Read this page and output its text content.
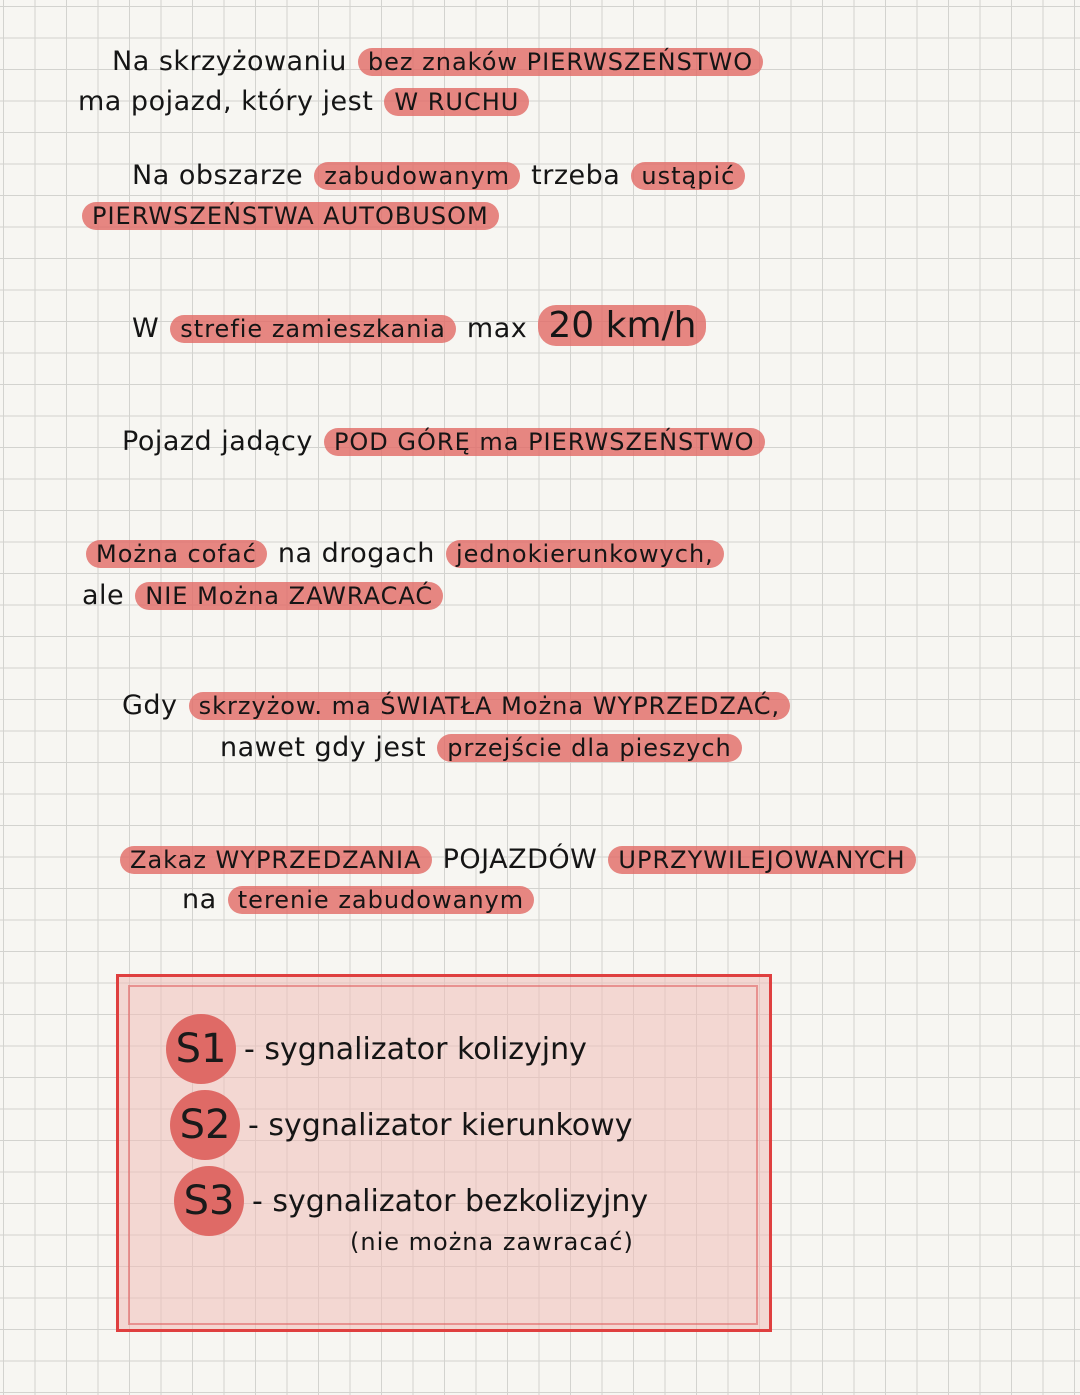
Na skrzyżowaniu bez znaków PIERWSZEŃSTWO
ma pojazd, który jest W RUCHU
Na obszarze zabudowanym trzeba ustąpić
PIERWSZEŃSTWA AUTOBUSOM
W strefie zamieszkania max 20 km/h
Pojazd jadący POD GÓRĘ ma PIERWSZEŃSTWO
Można cofać na drogach jednokierunkowych,
ale NIE Można ZAWRACAĆ
Gdy skrzyżow. ma ŚWIATŁA Można WYPRZEDZAĆ,
nawet gdy jest przejście dla pieszych
Zakaz WYPRZEDZANIA POJAZDÓW UPRZYWILEJOWANYCH
na terenie zabudowanym
S1 - sygnalizator kolizyjny
S2 - sygnalizator kierunkowy
S3 - sygnalizator bezkolizyjny
(nie można zawracać)
